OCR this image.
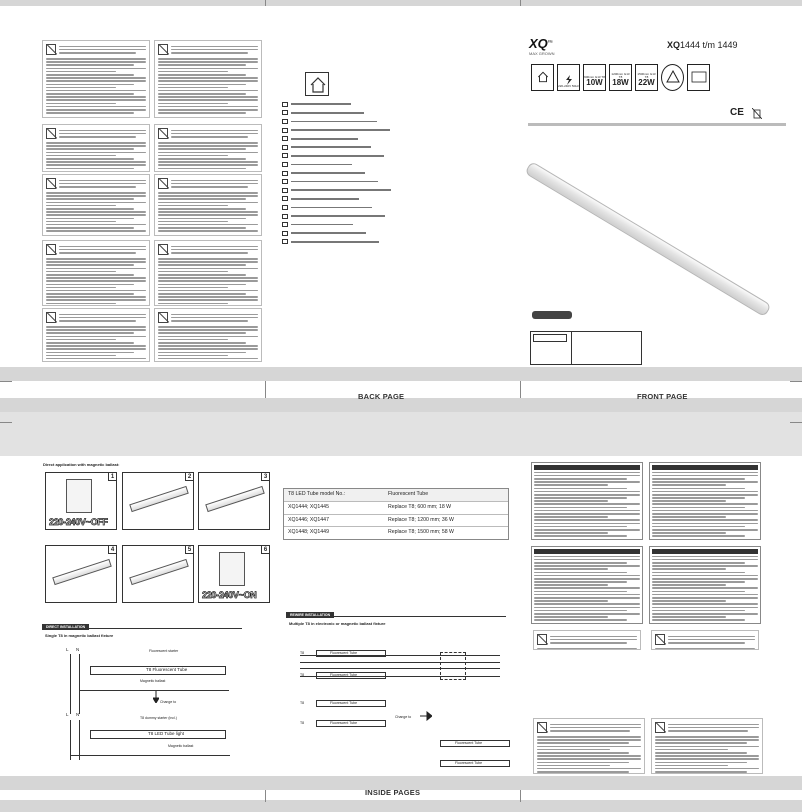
BACK PAGE	FRONT PAGE
INSIDE PAGES
$XQ^{lite}$
MAX GROWN
XQ1444 t/m 1449
220-240V 50Hz
600mm G13 T8
10W
1200mm G13 T8
18W
1500mm G13 T8
22W
CE

Direct application with magnetic ballast:
1
220-240V~OFF
2	3
4	5	6
220-240V~ON
DIRECT INSTALLATION
Single T8 in magnetic ballast fixture
L N	Fluorescent starter
T8 Fluorescent Tube
Magnetic ballast
Change to
L N
T8 dummy starter (incl.)
T8 LED Tube light
Magnetic ballast
T8 LED Tube model No.:	Fluorescent Tube
XQ1444; XQ1445	Replace T8; 600 mm; 18 W
XQ1446; XQ1447	Replace T8; 1200 mm; 36 W
XQ1448; XQ1449	Replace T8; 1500 mm; 58 W
REWIRE INSTALLATION
Multiple T8 in electronic or magnetic ballast fixture
T8	Fluorescent Tube
T8	Fluorescent Tube
Change to
T8	Fluorescent Tube
T8	Fluorescent Tube
Fluorescent Tube
Fluorescent Tube
